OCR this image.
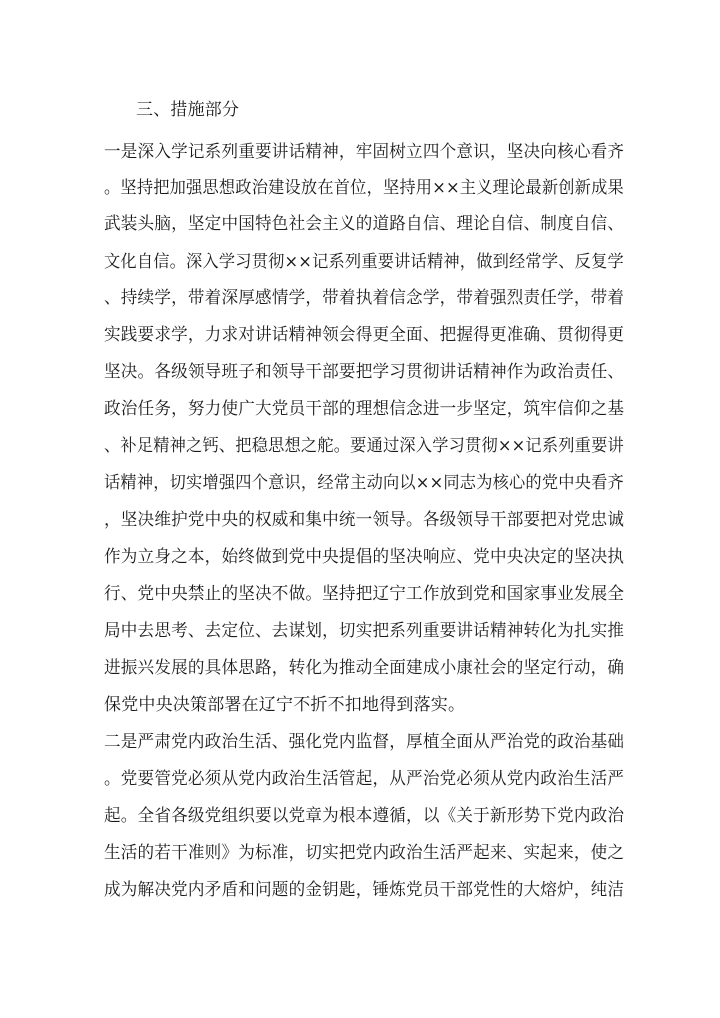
三、措施部分
一是深入学记系列重要讲话精神，牢固树立四个意识，坚决向核心看齐
。坚持把加强思想政治建设放在首位，坚持用××主义理论最新创新成果
武装头脑，坚定中国特色社会主义的道路自信、理论自信、制度自信、
文化自信。深入学习贯彻××记系列重要讲话精神，做到经常学、反复学
、持续学，带着深厚感情学，带着执着信念学，带着强烈责任学，带着
实践要求学，力求对讲话精神领会得更全面、把握得更准确、贯彻得更
坚决。各级领导班子和领导干部要把学习贯彻讲话精神作为政治责任、
政治任务，努力使广大党员干部的理想信念进一步坚定，筑牢信仰之基
、补足精神之钙、把稳思想之舵。要通过深入学习贯彻××记系列重要讲
话精神，切实增强四个意识，经常主动向以××同志为核心的党中央看齐
，坚决维护党中央的权威和集中统一领导。各级领导干部要把对党忠诚
作为立身之本，始终做到党中央提倡的坚决响应、党中央决定的坚决执
行、党中央禁止的坚决不做。坚持把辽宁工作放到党和国家事业发展全
局中去思考、去定位、去谋划，切实把系列重要讲话精神转化为扎实推
进振兴发展的具体思路，转化为推动全面建成小康社会的坚定行动，确
保党中央决策部署在辽宁不折不扣地得到落实。
二是严肃党内政治生活、强化党内监督，厚植全面从严治党的政治基础
。党要管党必须从党内政治生活管起，从严治党必须从党内政治生活严
起。全省各级党组织要以党章为根本遵循，以《关于新形势下党内政治
生活的若干准则》为标准，切实把党内政治生活严起来、实起来，使之
成为解决党内矛盾和问题的金钥匙，锤炼党员干部党性的大熔炉，纯洁
